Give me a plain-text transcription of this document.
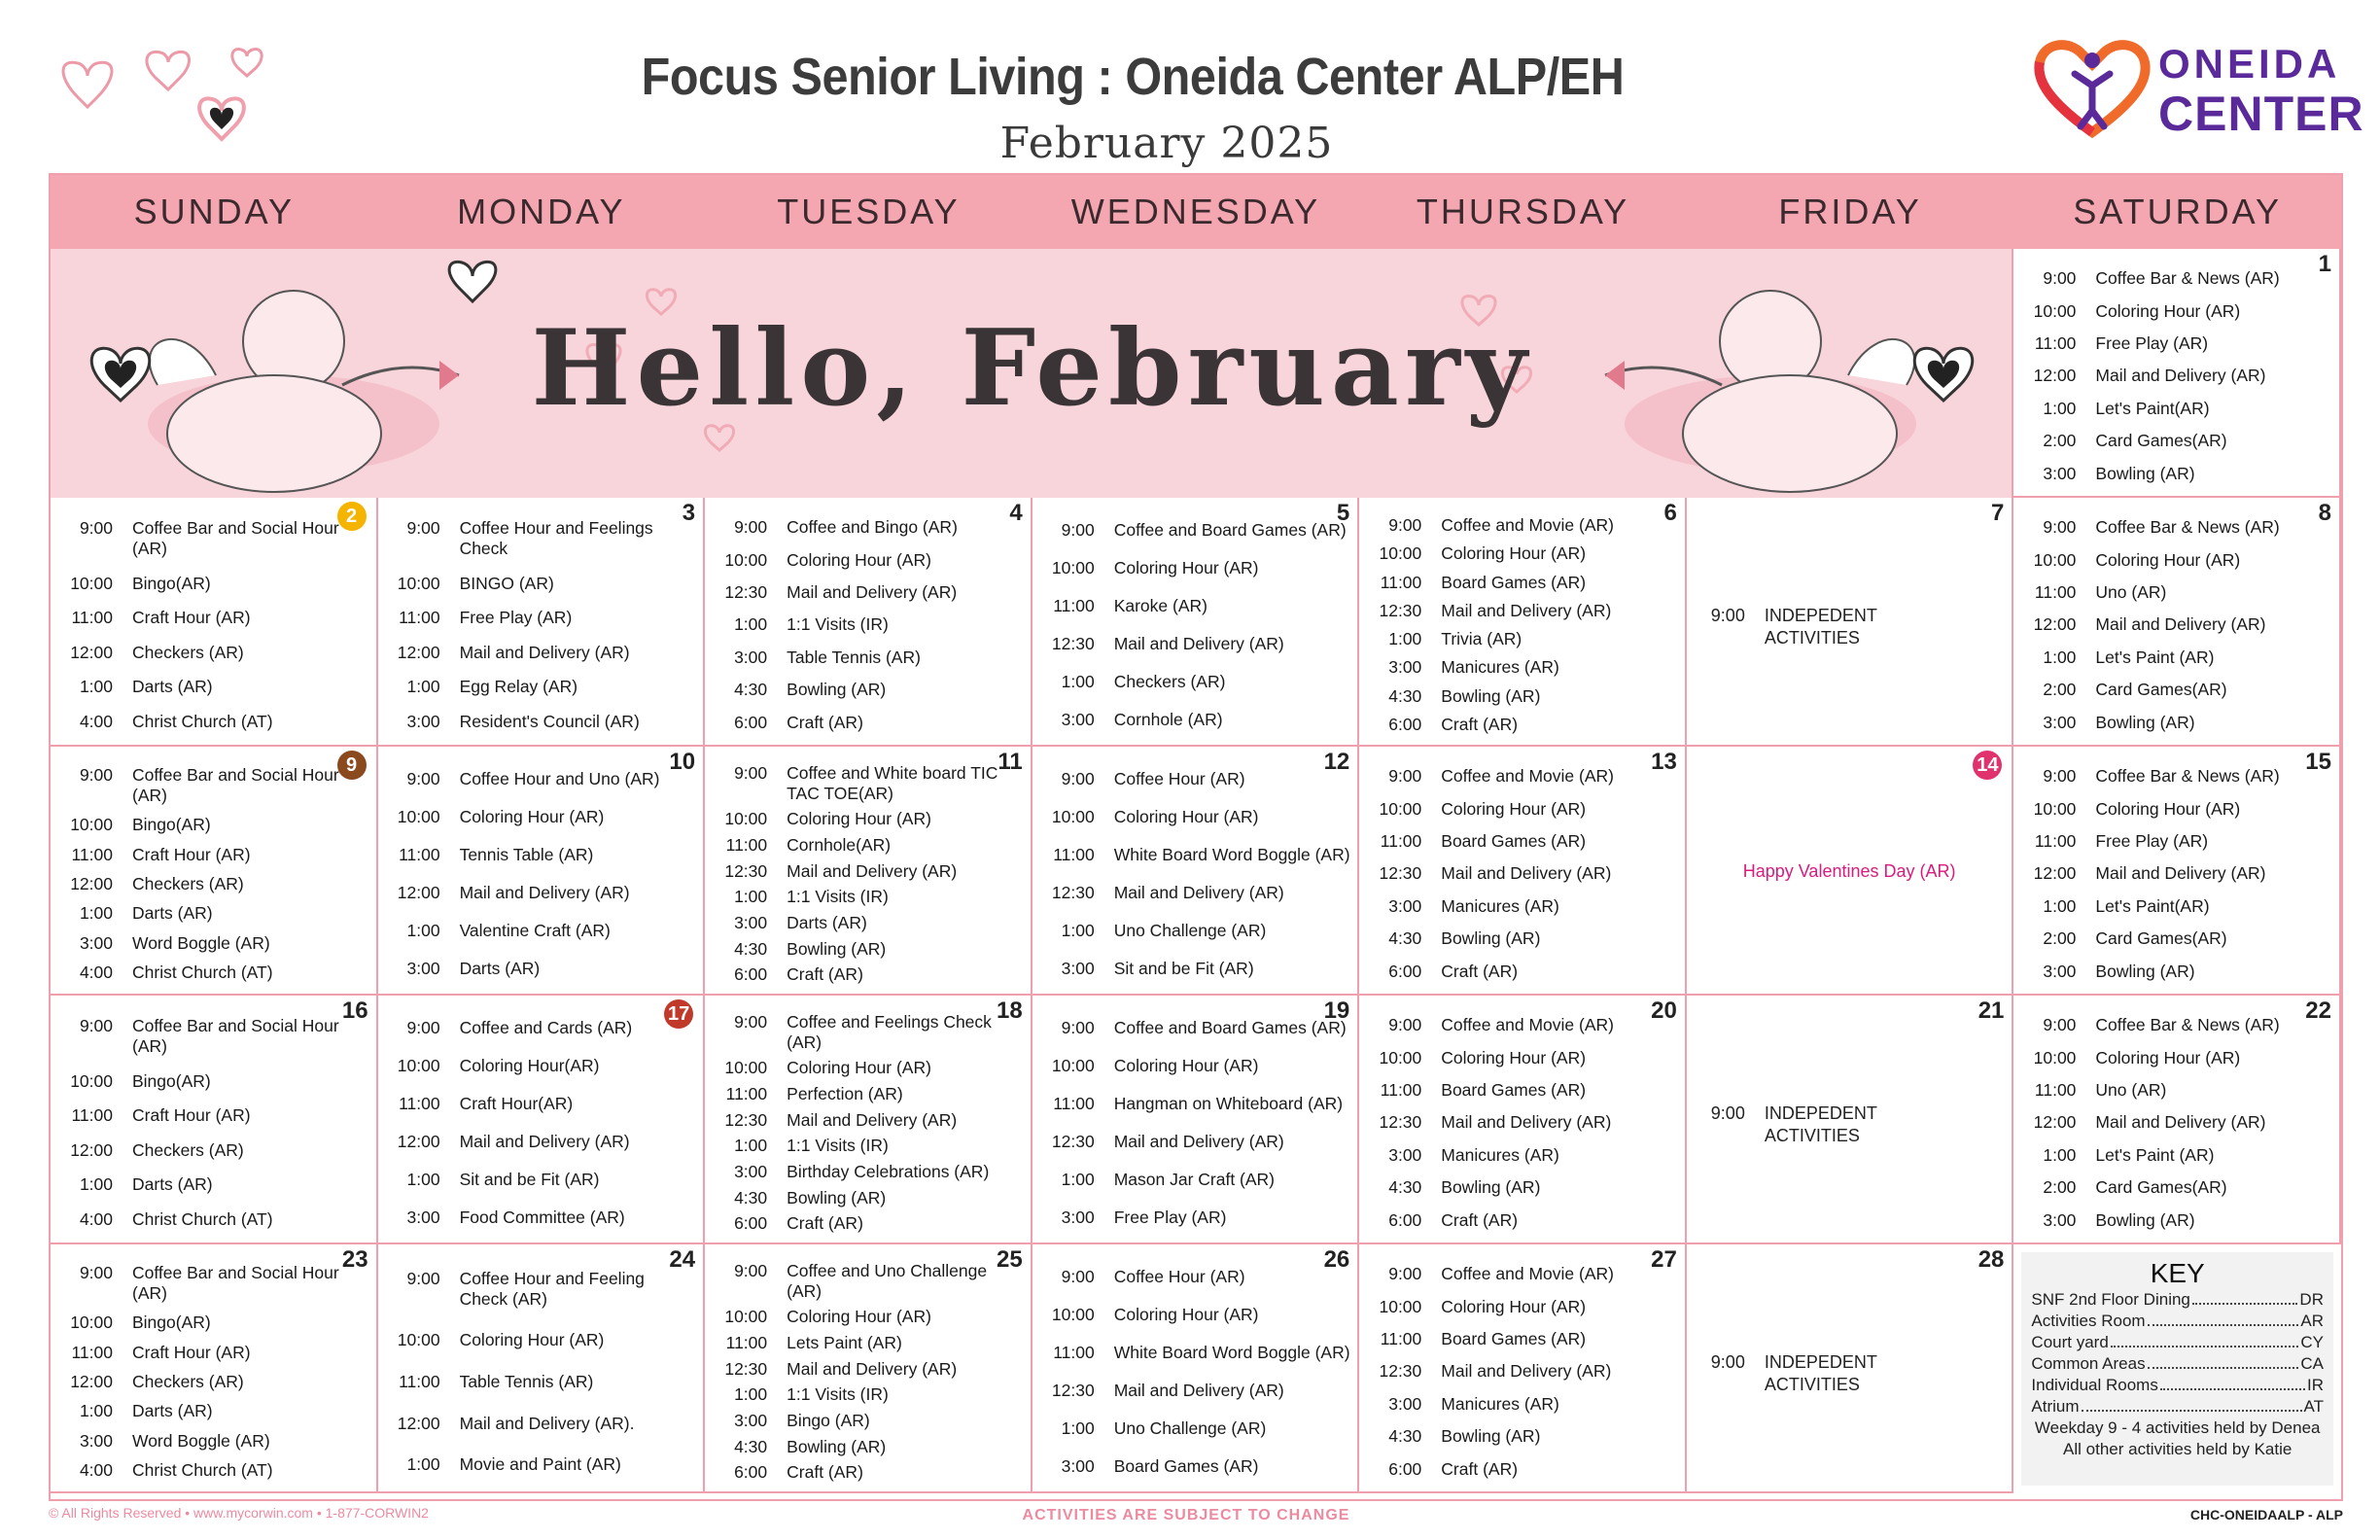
Focus Senior Living : Oneida Center ALP/EH
February 2025
ONEIDA
CENTER
SUNDAY	MONDAY	TUESDAY	WEDNESDAY	THURSDAY	FRIDAY	SATURDAY
Hello, February
1
9:00 Coffee Bar & News (AR)
10:00 Coloring Hour (AR)
11:00 Free Play (AR)
12:00 Mail and Delivery (AR)
1:00 Let's Paint(AR)
2:00 Card Games(AR)
3:00 Bowling (AR)
2
9:00 Coffee Bar and Social Hour (AR)
10:00 Bingo(AR)
11:00 Craft Hour (AR)
12:00 Checkers (AR)
1:00 Darts (AR)
4:00 Christ Church (AT)
3
9:00 Coffee Hour and Feelings Check
10:00 BINGO (AR)
11:00 Free Play (AR)
12:00 Mail and Delivery (AR)
1:00 Egg Relay (AR)
3:00 Resident's Council (AR)
4
9:00 Coffee and Bingo (AR)
10:00 Coloring Hour (AR)
12:30 Mail and Delivery (AR)
1:00 1:1 Visits (IR)
3:00 Table Tennis (AR)
4:30 Bowling (AR)
6:00 Craft (AR)
5
9:00 Coffee and Board Games (AR)
10:00 Coloring Hour (AR)
11:00 Karoke (AR)
12:30 Mail and Delivery (AR)
1:00 Checkers (AR)
3:00 Cornhole (AR)
6
9:00 Coffee and Movie (AR)
10:00 Coloring Hour (AR)
11:00 Board Games (AR)
12:30 Mail and Delivery (AR)
1:00 Trivia (AR)
3:00 Manicures (AR)
4:30 Bowling (AR)
6:00 Craft (AR)
7
9:00 INDEPEDENT ACTIVITIES
8
9:00 Coffee Bar & News (AR)
10:00 Coloring Hour (AR)
11:00 Uno (AR)
12:00 Mail and Delivery (AR)
1:00 Let's Paint (AR)
2:00 Card Games(AR)
3:00 Bowling (AR)
9
9:00 Coffee Bar and Social Hour (AR)
10:00 Bingo(AR)
11:00 Craft Hour (AR)
12:00 Checkers (AR)
1:00 Darts (AR)
3:00 Word Boggle (AR)
4:00 Christ Church (AT)
10
9:00 Coffee Hour and Uno (AR)
10:00 Coloring Hour (AR)
11:00 Tennis Table (AR)
12:00 Mail and Delivery (AR)
1:00 Valentine Craft (AR)
3:00 Darts (AR)
11
9:00 Coffee and White board TIC TAC TOE(AR)
10:00 Coloring Hour (AR)
11:00 Cornhole(AR)
12:30 Mail and Delivery (AR)
1:00 1:1 Visits (IR)
3:00 Darts (AR)
4:30 Bowling (AR)
6:00 Craft (AR)
12
9:00 Coffee Hour (AR)
10:00 Coloring Hour (AR)
11:00 White Board Word Boggle (AR)
12:30 Mail and Delivery (AR)
1:00 Uno Challenge (AR)
3:00 Sit and be Fit (AR)
13
9:00 Coffee and Movie (AR)
10:00 Coloring Hour (AR)
11:00 Board Games (AR)
12:30 Mail and Delivery (AR)
3:00 Manicures (AR)
4:30 Bowling (AR)
6:00 Craft (AR)
14
Happy Valentines Day (AR)
15
9:00 Coffee Bar & News (AR)
10:00 Coloring Hour (AR)
11:00 Free Play (AR)
12:00 Mail and Delivery (AR)
1:00 Let's Paint(AR)
2:00 Card Games(AR)
3:00 Bowling (AR)
16
9:00 Coffee Bar and Social Hour (AR)
10:00 Bingo(AR)
11:00 Craft Hour (AR)
12:00 Checkers (AR)
1:00 Darts (AR)
4:00 Christ Church (AT)
17
9:00 Coffee and Cards (AR)
10:00 Coloring Hour(AR)
11:00 Craft Hour(AR)
12:00 Mail and Delivery (AR)
1:00 Sit and be Fit (AR)
3:00 Food Committee (AR)
18
9:00 Coffee and Feelings Check (AR)
10:00 Coloring Hour (AR)
11:00 Perfection (AR)
12:30 Mail and Delivery (AR)
1:00 1:1 Visits (IR)
3:00 Birthday Celebrations (AR)
4:30 Bowling (AR)
6:00 Craft (AR)
19
9:00 Coffee and Board Games (AR)
10:00 Coloring Hour (AR)
11:00 Hangman on Whiteboard (AR)
12:30 Mail and Delivery (AR)
1:00 Mason Jar Craft (AR)
3:00 Free Play (AR)
20
9:00 Coffee and Movie (AR)
10:00 Coloring Hour (AR)
11:00 Board Games (AR)
12:30 Mail and Delivery (AR)
3:00 Manicures (AR)
4:30 Bowling (AR)
6:00 Craft (AR)
21
9:00 INDEPEDENT ACTIVITIES
22
9:00 Coffee Bar & News (AR)
10:00 Coloring Hour (AR)
11:00 Uno (AR)
12:00 Mail and Delivery (AR)
1:00 Let's Paint (AR)
2:00 Card Games(AR)
3:00 Bowling (AR)
23
9:00 Coffee Bar and Social Hour (AR)
10:00 Bingo(AR)
11:00 Craft Hour (AR)
12:00 Checkers (AR)
1:00 Darts (AR)
3:00 Word Boggle (AR)
4:00 Christ Church (AT)
24
9:00 Coffee Hour and Feeling Check (AR)
10:00 Coloring Hour (AR)
11:00 Table Tennis (AR)
12:00 Mail and Delivery (AR).
1:00 Movie and Paint (AR)
25
9:00 Coffee and Uno Challenge (AR)
10:00 Coloring Hour (AR)
11:00 Lets Paint (AR)
12:30 Mail and Delivery (AR)
1:00 1:1 Visits (IR)
3:00 Bingo (AR)
4:30 Bowling (AR)
6:00 Craft (AR)
26
9:00 Coffee Hour (AR)
10:00 Coloring Hour (AR)
11:00 White Board Word Boggle (AR)
12:30 Mail and Delivery (AR)
1:00 Uno Challenge (AR)
3:00 Board Games (AR)
27
9:00 Coffee and Movie (AR)
10:00 Coloring Hour (AR)
11:00 Board Games (AR)
12:30 Mail and Delivery (AR)
3:00 Manicures (AR)
4:30 Bowling (AR)
6:00 Craft (AR)
28
9:00 INDEPEDENT ACTIVITIES
KEY
SNF 2nd Floor Dining	DR
Activities Room	AR
Court yard	CY
Common Areas	CA
Individual Rooms	IR
Atrium	AT
Weekday 9 - 4 activities held by Denea
All other activities held by Katie
© All Rights Reserved • www.mycorwin.com • 1-877-CORWIN2	ACTIVITIES ARE SUBJECT TO CHANGE	CHC-ONEIDAALP - ALP
